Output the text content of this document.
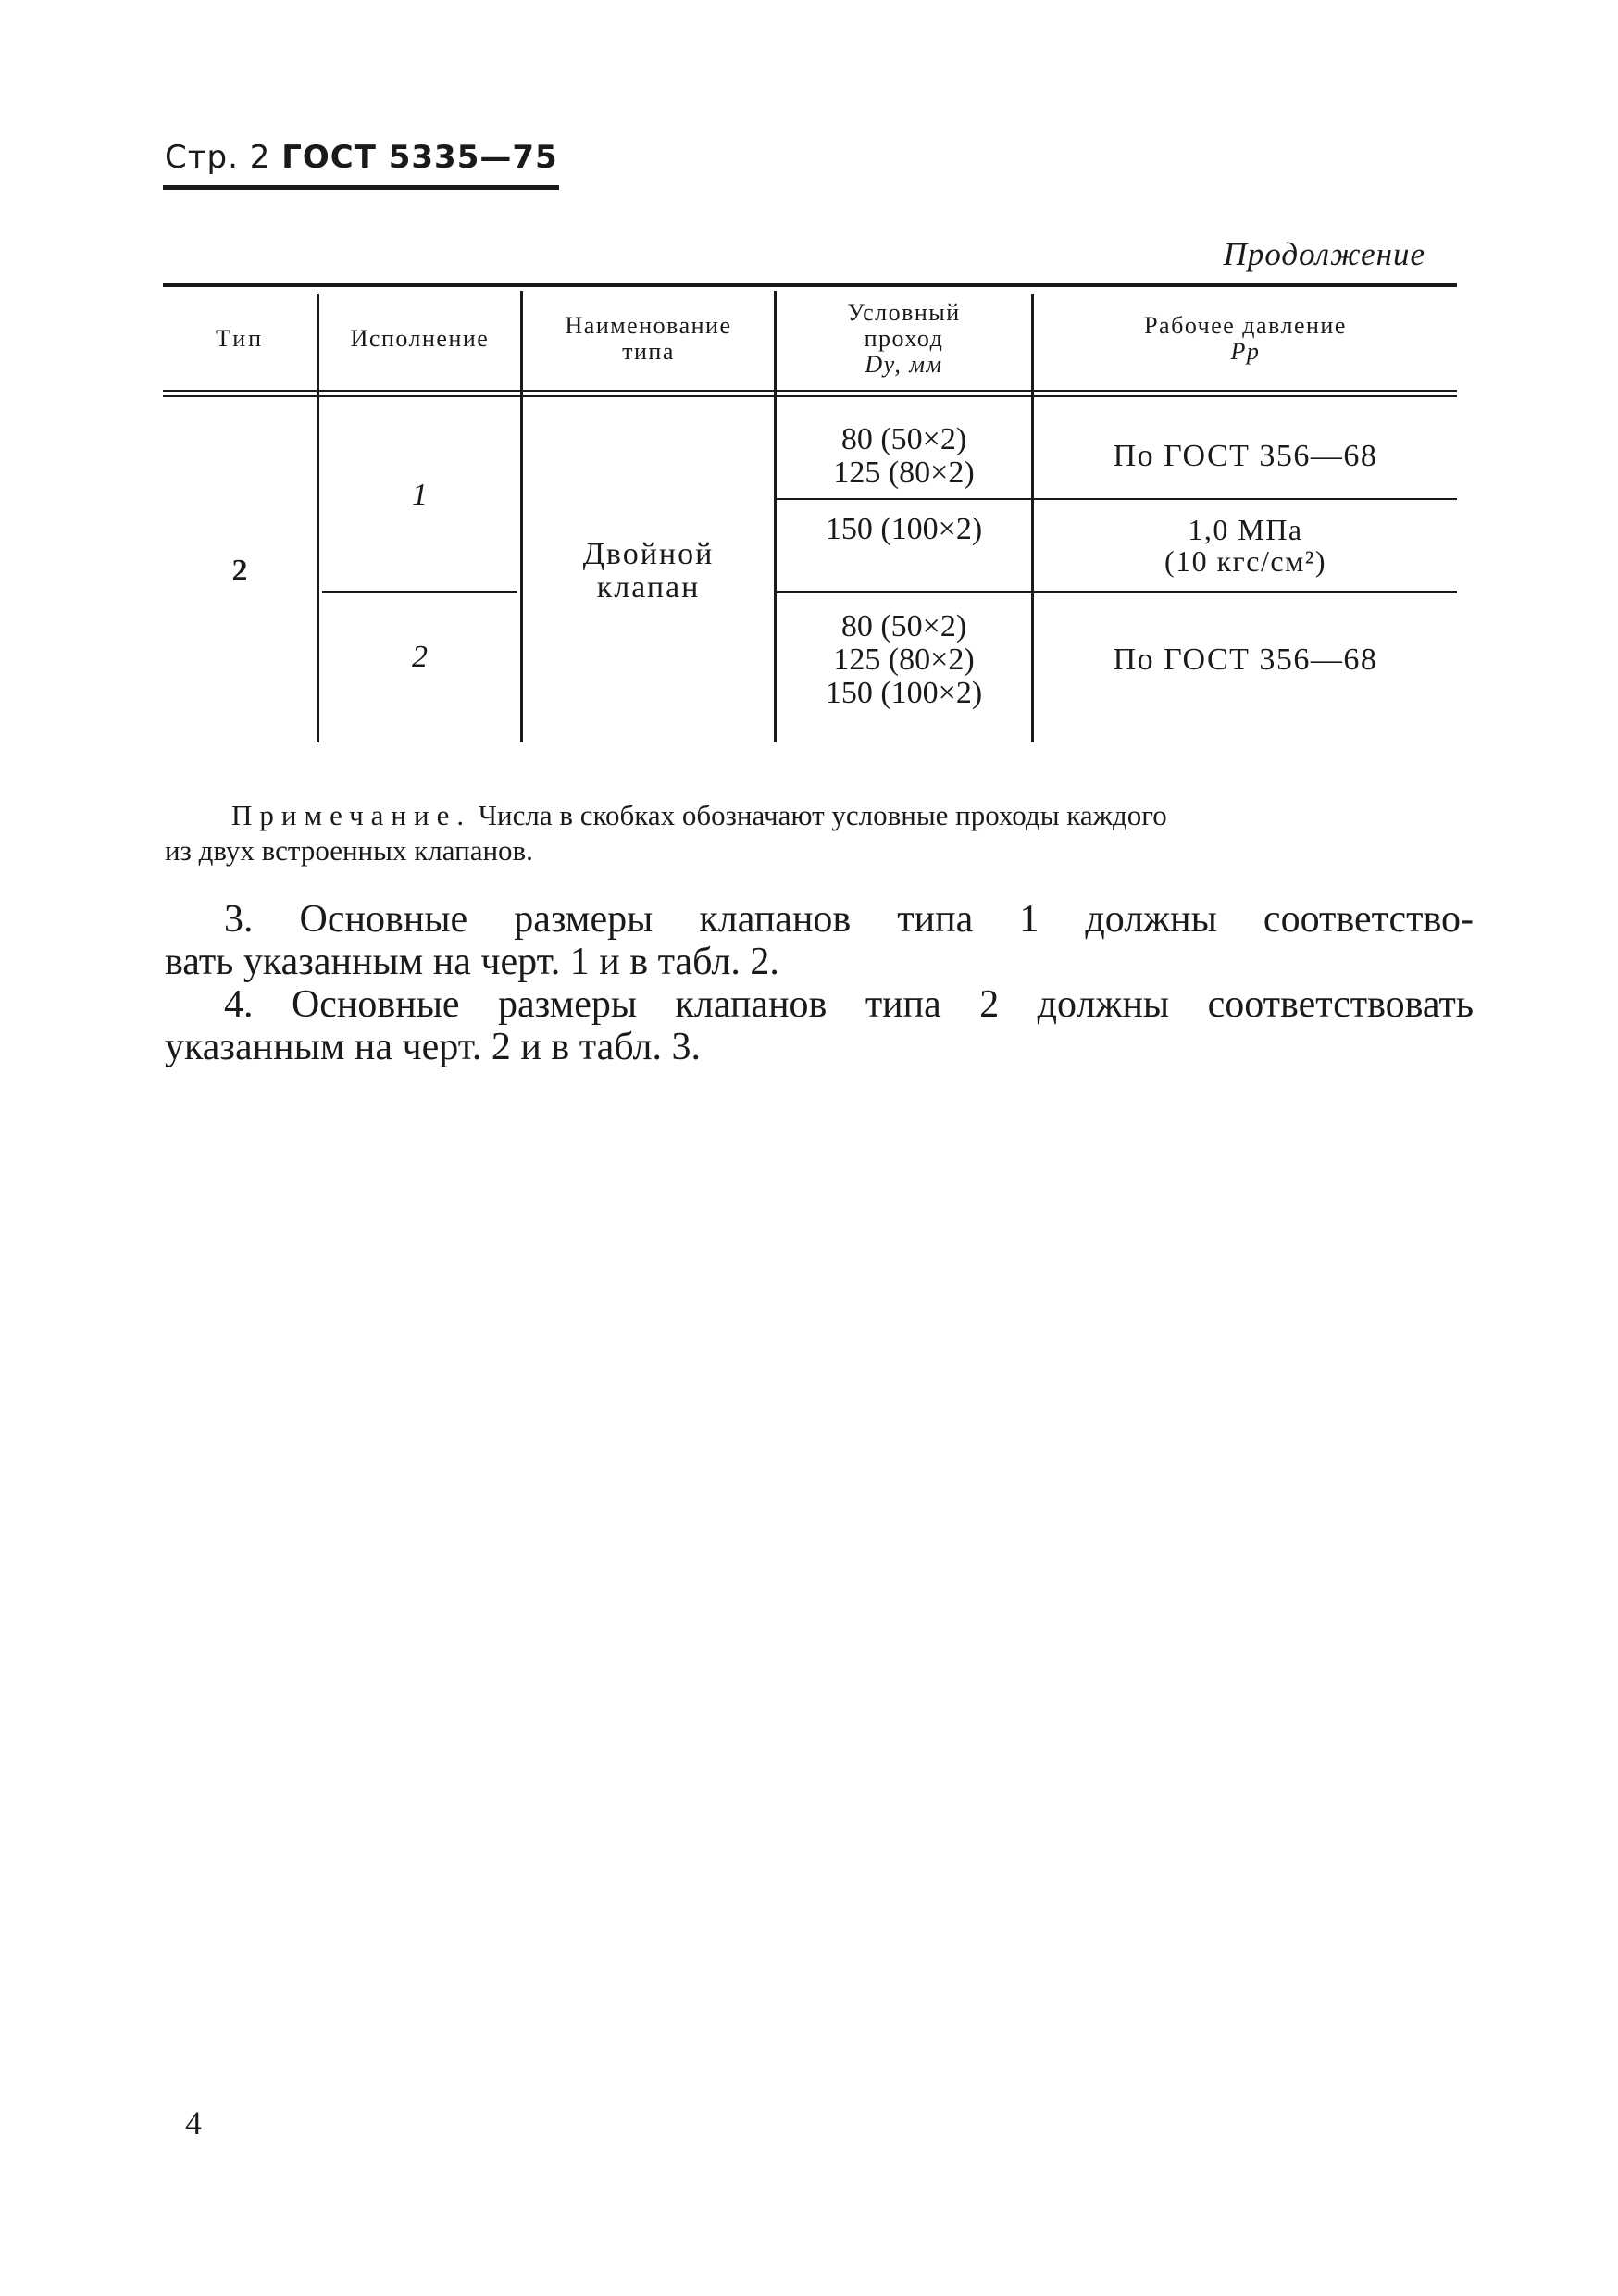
Стр. 2 ГОСТ 5335—75
Продолжение
Тип	Исполнение	Наименование
типа
Условный
проход
Dу, мм
Рабочее давление
Pр
2
1
2
Двойной
клапан
80 (50×2)
125 (80×2)
150 (100×2)
80 (50×2)
125 (80×2)
150 (100×2)
По ГОСТ 356—68
1,0 МПа
(10 кгс/см²)
По ГОСТ 356—68
Примечание. Числа в скобках обозначают условные проходы каждого
из двух встроенных клапанов.
3. Основные размеры клапанов типа 1 должны соответство-
вать указанным на черт. 1 и в табл. 2.
4. Основные размеры клапанов типа 2 должны соответствовать
указанным на черт. 2 и в табл. 3.
4
